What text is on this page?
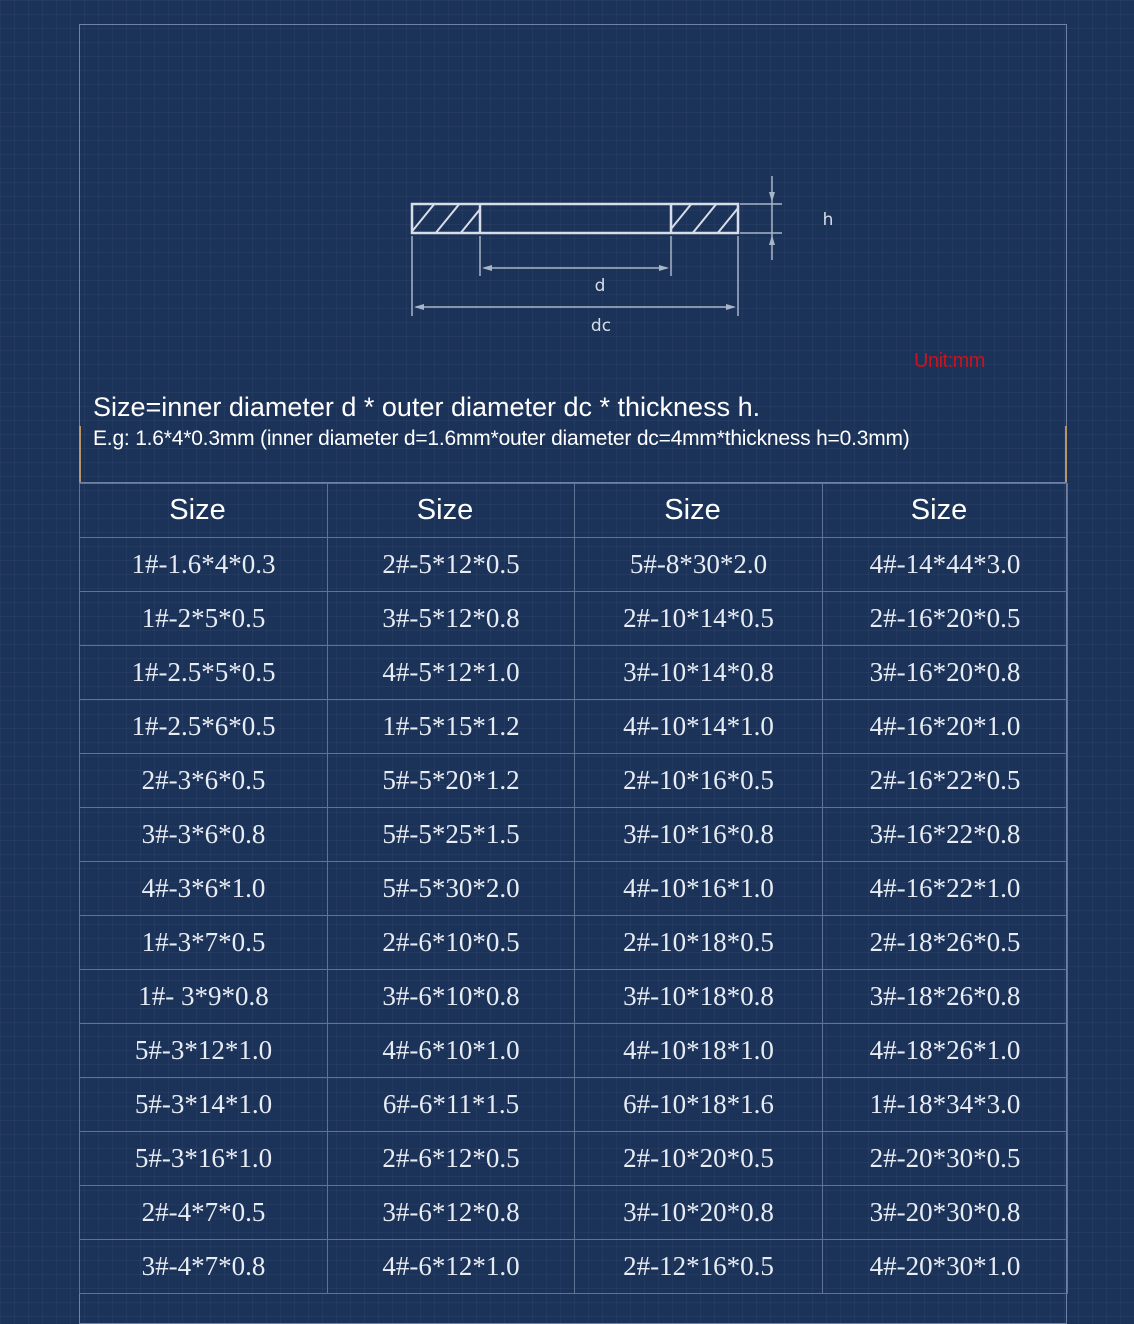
h
d
dc
Unit:mm
Size=inner diameter d * outer diameter dc * thickness h.
E.g: 1.6*4*0.3mm (inner diameter d=1.6mm*outer diameter dc=4mm*thickness h=0.3mm)
Size	Size	Size	Size
1#-1.6*4*0.3	2#-5*12*0.5	5#-8*30*2.0	4#-14*44*3.0
1#-2*5*0.5	3#-5*12*0.8	2#-10*14*0.5	2#-16*20*0.5
1#-2.5*5*0.5	4#-5*12*1.0	3#-10*14*0.8	3#-16*20*0.8
1#-2.5*6*0.5	1#-5*15*1.2	4#-10*14*1.0	4#-16*20*1.0
2#-3*6*0.5	5#-5*20*1.2	2#-10*16*0.5	2#-16*22*0.5
3#-3*6*0.8	5#-5*25*1.5	3#-10*16*0.8	3#-16*22*0.8
4#-3*6*1.0	5#-5*30*2.0	4#-10*16*1.0	4#-16*22*1.0
1#-3*7*0.5	2#-6*10*0.5	2#-10*18*0.5	2#-18*26*0.5
1#- 3*9*0.8	3#-6*10*0.8	3#-10*18*0.8	3#-18*26*0.8
5#-3*12*1.0	4#-6*10*1.0	4#-10*18*1.0	4#-18*26*1.0
5#-3*14*1.0	6#-6*11*1.5	6#-10*18*1.6	1#-18*34*3.0
5#-3*16*1.0	2#-6*12*0.5	2#-10*20*0.5	2#-20*30*0.5
2#-4*7*0.5	3#-6*12*0.8	3#-10*20*0.8	3#-20*30*0.8
3#-4*7*0.8	4#-6*12*1.0	2#-12*16*0.5	4#-20*30*1.0
